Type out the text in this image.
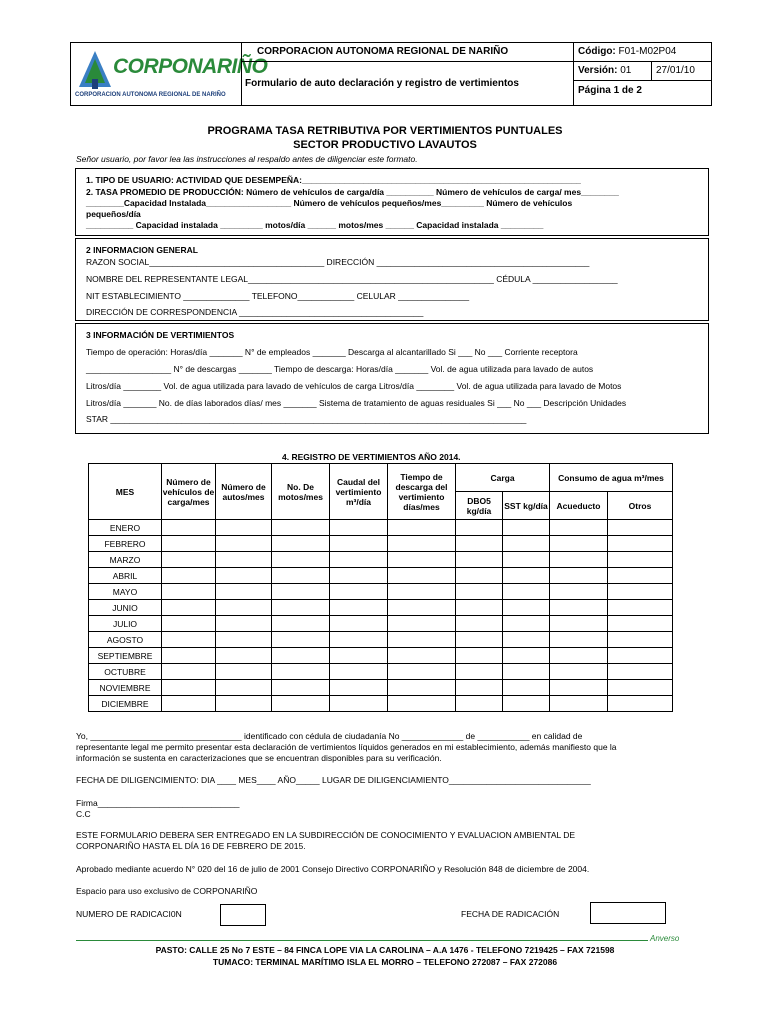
CORPONARIÑO
CORPORACION AUTONOMA REGIONAL DE NARIÑO
CORPORACION AUTONOMA REGIONAL DE NARIÑO
Formulario de auto declaración y registro de vertimientos
Código: F01-M02P04
Versión: 01 27/01/10
Página 1 de 2
PROGRAMA TASA RETRIBUTIVA POR VERTIMIENTOS PUNTUALES
SECTOR PRODUCTIVO LAVAUTOS
Señor usuario, por favor lea las instrucciones al respaldo antes de diligenciar este formato.
1. TIPO DE USUARIO: ACTIVIDAD QUE DESEMPEÑA:___________________________________________________________
2. TASA PROMEDIO DE PRODUCCIÓN: Número de vehículos de carga/día __________ Número de vehículos de carga/ mes________
________Capacidad Instalada__________________ Número de vehículos pequeños/mes_________ Número de vehículos
pequeños/día
__________ Capacidad instalada _________ motos/día ______ motos/mes ______ Capacidad instalada _________
2 INFORMACION GENERAL
RAZON SOCIAL_____________________________________ DIRECCIÓN _____________________________________________
NOMBRE DEL REPRESENTANTE LEGAL____________________________________________________ CÉDULA __________________
NIT ESTABLECIMIENTO ______________ TELEFONO____________ CELULAR _______________
DIRECCIÓN DE CORRESPONDENCIA _______________________________________
3 INFORMACIÓN DE VERTIMIENTOS
Tiempo de operación: Horas/día _______ N° de empleados _______ Descarga al alcantarillado Si ___ No ___ Corriente receptora
__________________ N° de descargas _______ Tiempo de descarga: Horas/día _______ Vol. de agua utilizada para lavado de autos
Litros/día ________ Vol. de agua utilizada para lavado de vehículos de carga Litros/día ________ Vol. de agua utilizada para lavado de Motos
Litros/día _______ No. de días laborados días/ mes _______ Sistema de tratamiento de aguas residuales Si ___ No ___ Descripción Unidades
STAR ________________________________________________________________________________________
4. REGISTRO DE VERTIMIENTOS AÑO 2014.
MES	Número de vehículos de carga/mes	Número de autos/mes	No. De motos/mes	Caudal del vertimiento m³/día	Tiempo de descarga del vertimiento días/mes	Carga		Consumo de agua m³/mes	
						DBO5 kg/día	SST kg/día	Acueducto	Otros
ENERO									
FEBRERO									
MARZO									
ABRIL									
MAYO									
JUNIO									
JULIO									
AGOSTO									
SEPTIEMBRE									
OCTUBRE									
NOVIEMBRE									
DICIEMBRE									
Yo, ________________________________ identificado con cédula de ciudadanía No _____________ de ___________ en calidad de
representante legal me permito presentar esta declaración de vertimientos líquidos generados en mi establecimiento, además manifiesto que la
información se sustenta en caracterizaciones que se encuentran disponibles para su verificación.
FECHA DE DILIGENCIMIENTO: DIA ____ MES____ AÑO_____ LUGAR DE DILIGENCIAMIENTO______________________________
Firma______________________________
C.C
ESTE FORMULARIO DEBERA SER ENTREGADO EN LA SUBDIRECCIÓN DE CONOCIMIENTO Y EVALUACION AMBIENTAL DE
CORPONARIÑO HASTA EL DÍA 16 DE FEBRERO DE 2015.
Aprobado mediante acuerdo N° 020 del 16 de julio de 2001 Consejo Directivo CORPONARIÑO y Resolución 848 de diciembre de 2004.
Espacio para uso exclusivo de CORPONARIÑO
NUMERO DE RADICACI0N	FECHA DE RADICACIÓN
Anverso
PASTO: CALLE 25 No 7 ESTE – 84 FINCA LOPE VIA LA CAROLINA – A.A 1476 - TELEFONO 7219425 – FAX 721598
TUMACO: TERMINAL MARÍTIMO ISLA EL MORRO – TELEFONO 272087 – FAX 272086
